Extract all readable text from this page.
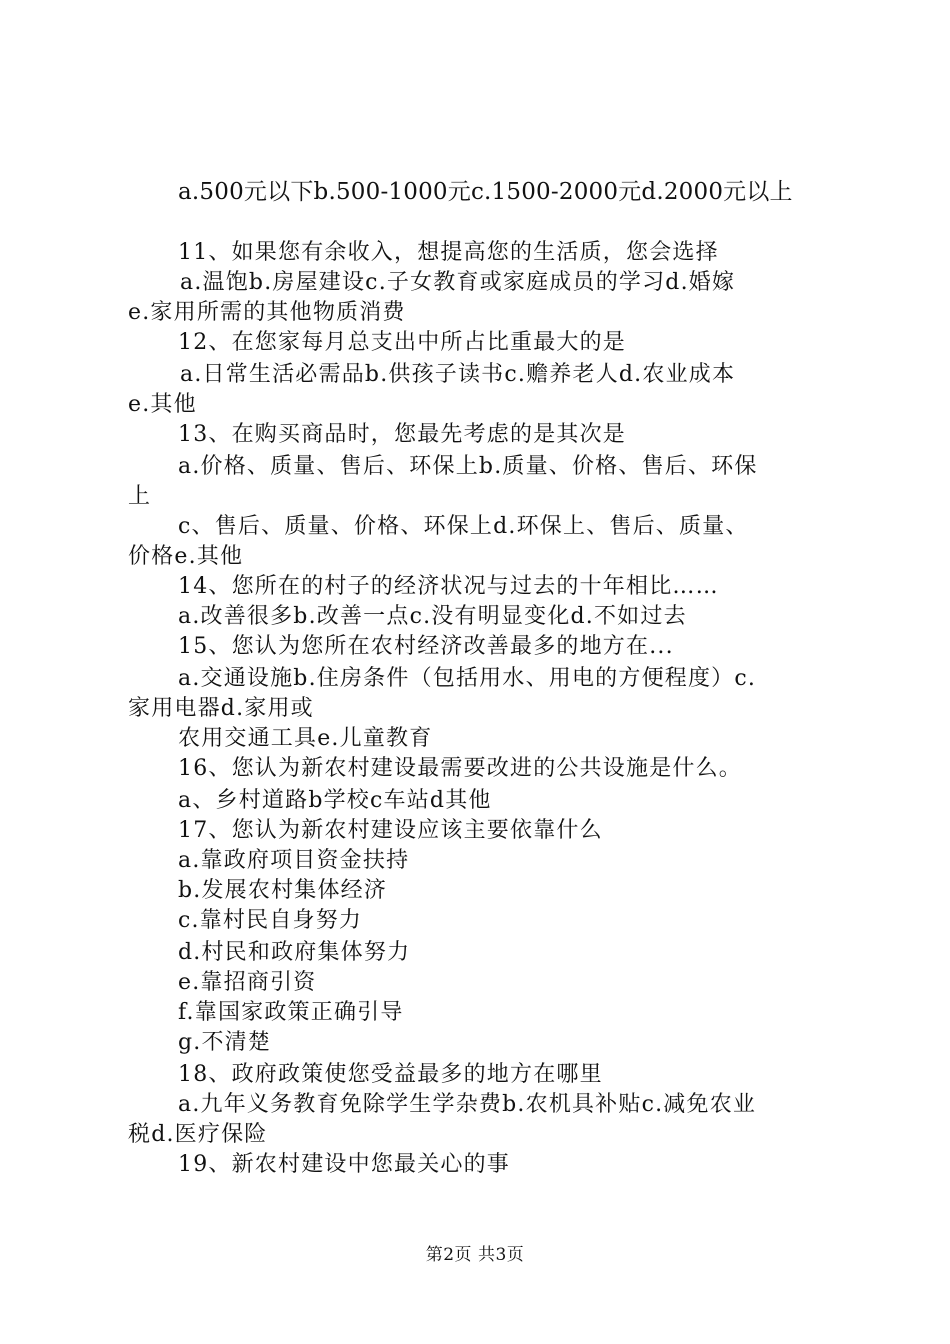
a.500元以下b.500-1000元c.1500-2000元d.2000元以上
11、如果您有余收入，想提高您的生活质，您会选择
a.温饱b.房屋建设c.子女教育或家庭成员的学习d.婚嫁
e.家用所需的其他物质消费
12、在您家每月总支出中所占比重最大的是
a.日常生活必需品b.供孩子读书c.赡养老人d.农业成本
e.其他
13、在购买商品时，您最先考虑的是其次是
a.价格、质量、售后、环保上b.质量、价格、售后、环保
上
c、售后、质量、价格、环保上d.环保上、售后、质量、
价格e.其他
14、您所在的村子的经济状况与过去的十年相比……
a.改善很多b.改善一点c.没有明显变化d.不如过去
15、您认为您所在农村经济改善最多的地方在...
a.交通设施b.住房条件（包括用水、用电的方便程度）c.
家用电器d.家用或
农用交通工具e.儿童教育
16、您认为新农村建设最需要改进的公共设施是什么。
a、乡村道路b学校c车站d其他
17、您认为新农村建设应该主要依靠什么
a.靠政府项目资金扶持
b.发展农村集体经济
c.靠村民自身努力
d.村民和政府集体努力
e.靠招商引资
f.靠国家政策正确引导
g.不清楚
18、政府政策使您受益最多的地方在哪里
a.九年义务教育免除学生学杂费b.农机具补贴c.减免农业
税d.医疗保险
19、新农村建设中您最关心的事
第2页 共3页
